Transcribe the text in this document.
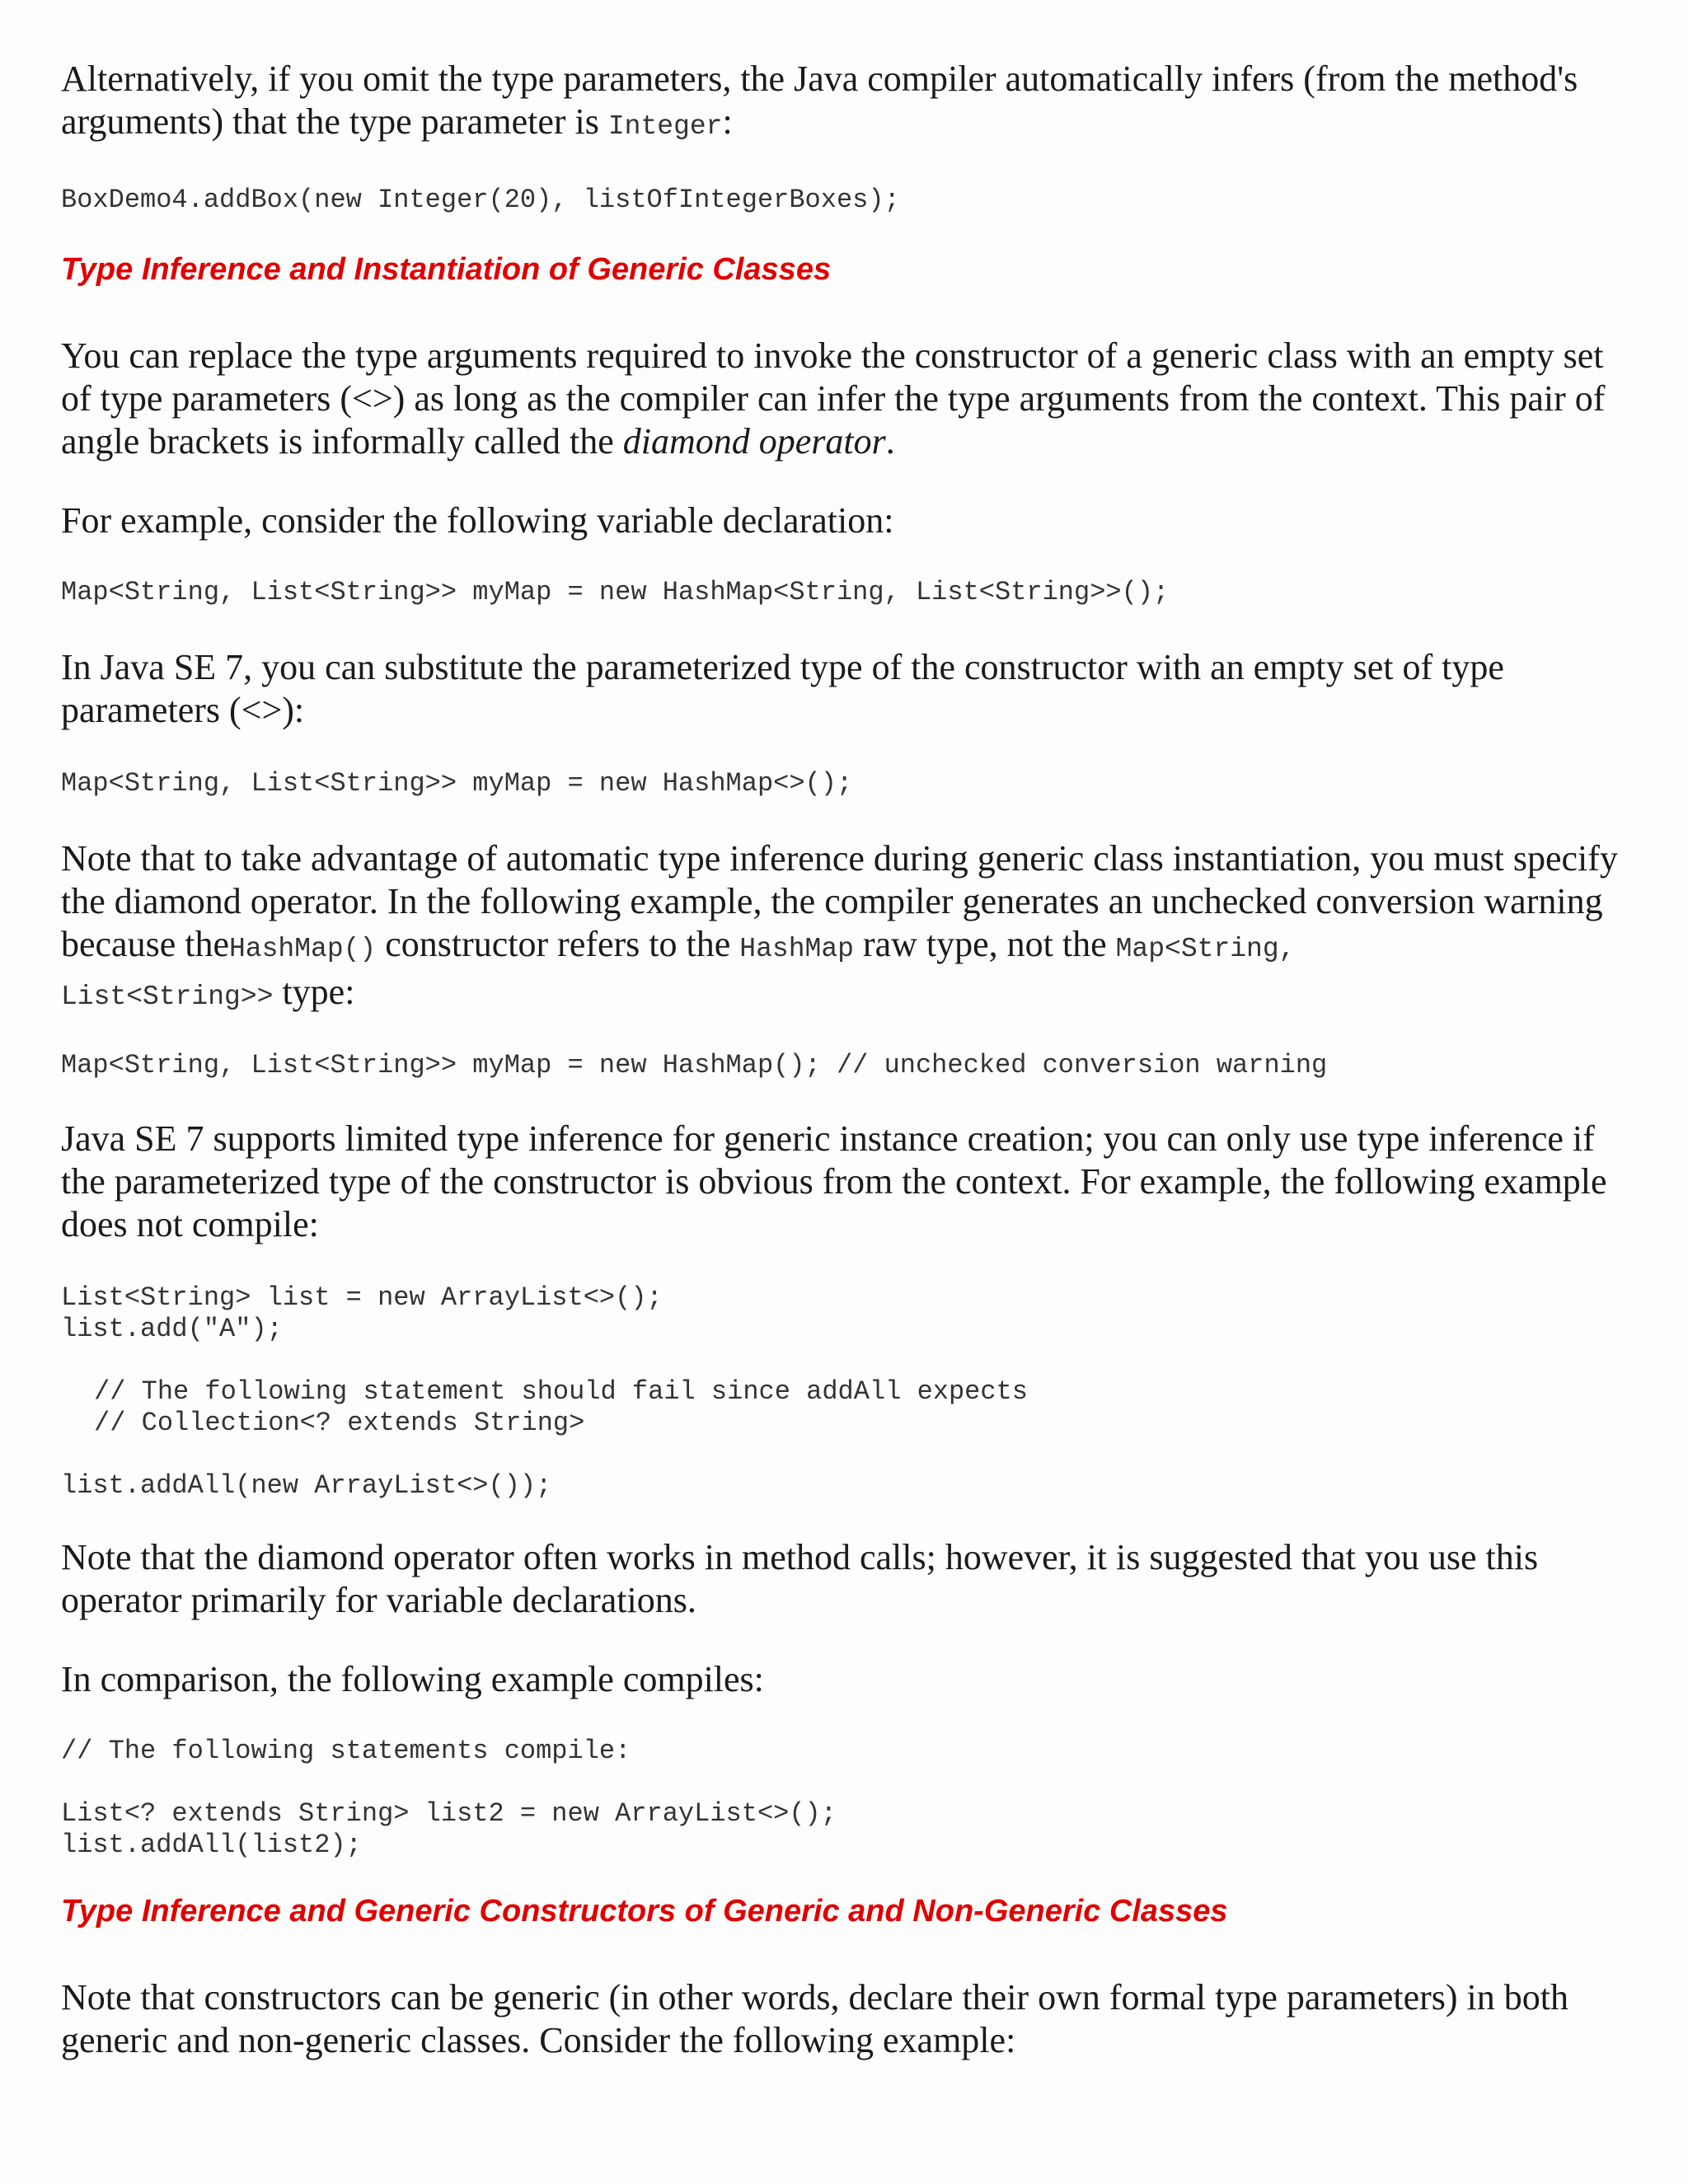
Alternatively, if you omit the type parameters, the Java compiler automatically infers (from the method's arguments) that the type parameter is Integer:

BoxDemo4.addBox(new Integer(20), listOfIntegerBoxes);
Type Inference and Instantiation of Generic Classes

You can replace the type arguments required to invoke the constructor of a generic class with an empty set of type parameters (<>) as long as the compiler can infer the type arguments from the context. This pair of angle brackets is informally called the diamond operator.

For example, consider the following variable declaration:

Map<String, List<String>> myMap = new HashMap<String, List<String>>();

In Java SE 7, you can substitute the parameterized type of the constructor with an empty set of type parameters (<>):

Map<String, List<String>> myMap = new HashMap<>();

Note that to take advantage of automatic type inference during generic class instantiation, you must specify the diamond operator. In the following example, the compiler generates an unchecked conversion warning because theHashMap() constructor refers to the HashMap raw type, not the Map<String,
List<String>> type:

Map<String, List<String>> myMap = new HashMap(); // unchecked conversion warning

Java SE 7 supports limited type inference for generic instance creation; you can only use type inference if the parameterized type of the constructor is obvious from the context. For example, the following example does not compile:

List<String> list = new ArrayList<>();
list.add("A");
// The following statement should fail since addAll expects
// Collection<? extends String>
list.addAll(new ArrayList<>());

Note that the diamond operator often works in method calls; however, it is suggested that you use this operator primarily for variable declarations.

In comparison, the following example compiles:

// The following statements compile:
List<? extends String> list2 = new ArrayList<>();
list.addAll(list2);
Type Inference and Generic Constructors of Generic and Non-Generic Classes

Note that constructors can be generic (in other words, declare their own formal type parameters) in both generic and non-generic classes. Consider the following example:
